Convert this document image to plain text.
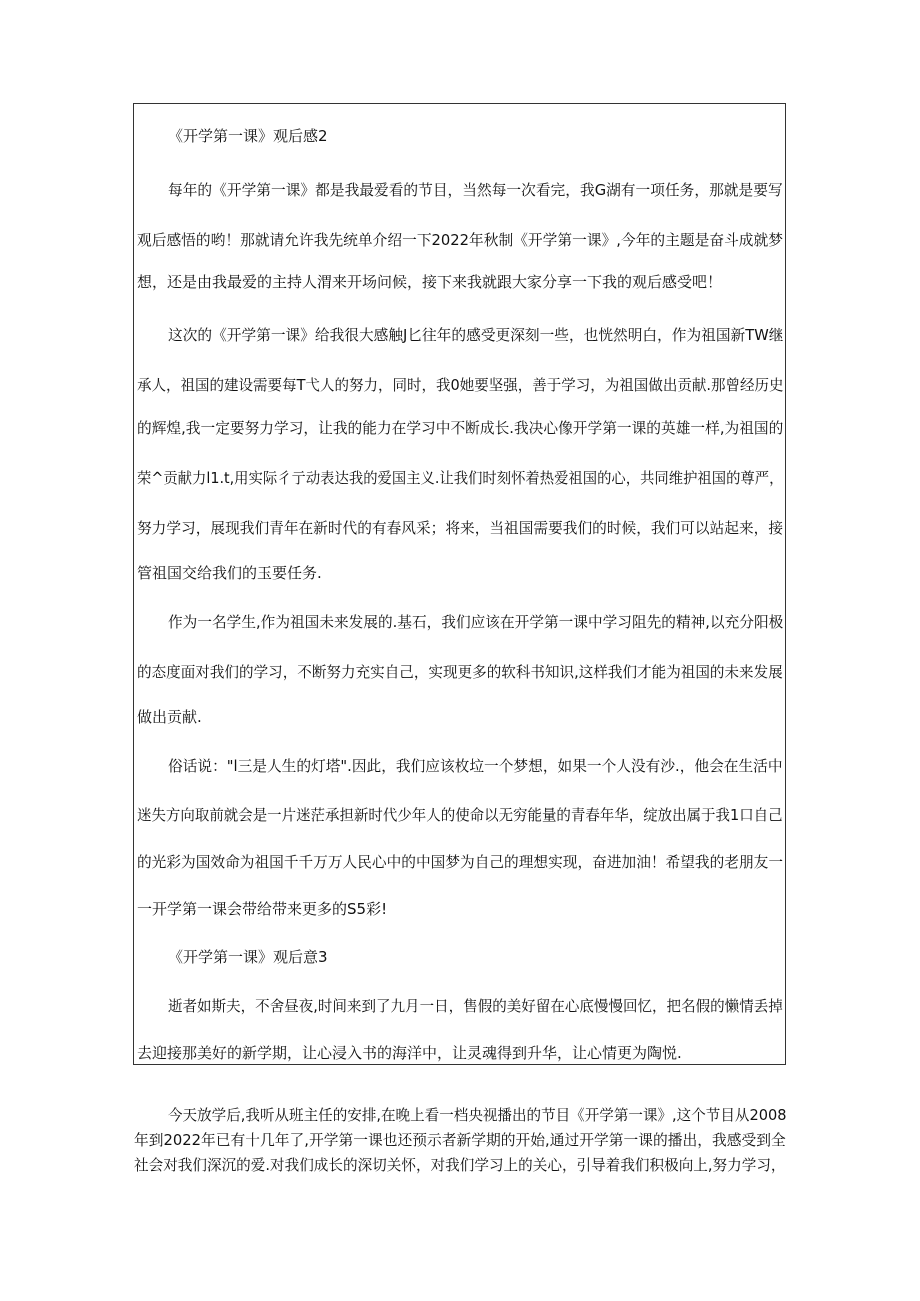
《开学第一课》观后感2
每年的《开学第一课》都是我最爱看的节目，当然每一次看完，我G湖有一项任务，那就是要写
观后感悟的哟！那就请允许我先统单介绍一下2022年秋制《开学第一课》,今年的主题是奋斗成就梦
想，还是由我最爱的主持人渭来开场问候，接下来我就跟大家分享一下我的观后感受吧！
这次的《开学第一课》给我很大感触J匕往年的感受更深刻一些，也恍然明白，作为祖国新TW继
承人，祖国的建设需要每T弋人的努力，同时，我0她要坚强，善于学习，为祖国做出贡献.那曾经历史
的辉煌,我一定要努力学习，让我的能力在学习中不断成长.我决心像开学第一课的英雄一样,为祖国的
荣^贡献力l1.t,用实际彳亍动表达我的爱国主义.让我们时刻怀着热爱祖国的心，共同维护祖国的尊严，
努力学习，展现我们青年在新时代的有春风采；将来，当祖国需要我们的时候，我们可以站起来，接
管祖国交给我们的玉要任务.
作为一名学生,作为祖国未来发展的.基石，我们应该在开学第一课中学习阻先的精神,以充分阳极
的态度面对我们的学习，不断努力充实自己，实现更多的软科书知识,这样我们才能为祖国的未来发展
做出贡献.
俗话说："l三是人生的灯塔".因此，我们应该枚垃一个梦想，如果一个人没有沙.，他会在生活中
迷失方向取前就会是一片迷茫承担新时代少年人的使命以无穷能量的青春年华，绽放出属于我1口自己
的光彩为国效命为祖国千千万万人民心中的中国梦为自己的理想实现，奋进加油！希望我的老朋友一
一开学第一课会带给带来更多的S5彩!
《开学第一课》观后意3
逝者如斯夫，不舍昼夜,时间来到了九月一日，售假的美好留在心底慢慢回忆，把名假的懒情丢掉
去迎接那美好的新学期，让心浸入书的海洋中，让灵魂得到升华，让心情更为陶悦.
今天放学后,我听从班主任的安排,在晚上看一档央视播出的节目《开学第一课》,这个节目从2008
年到2022年已有十几年了,开学第一课也还预示者新学期的开始,通过开学第一课的播出，我感受到全
社会对我们深沉的爱.对我们成长的深切关怀，对我们学习上的关心，引导着我们积极向上,努力学习，
